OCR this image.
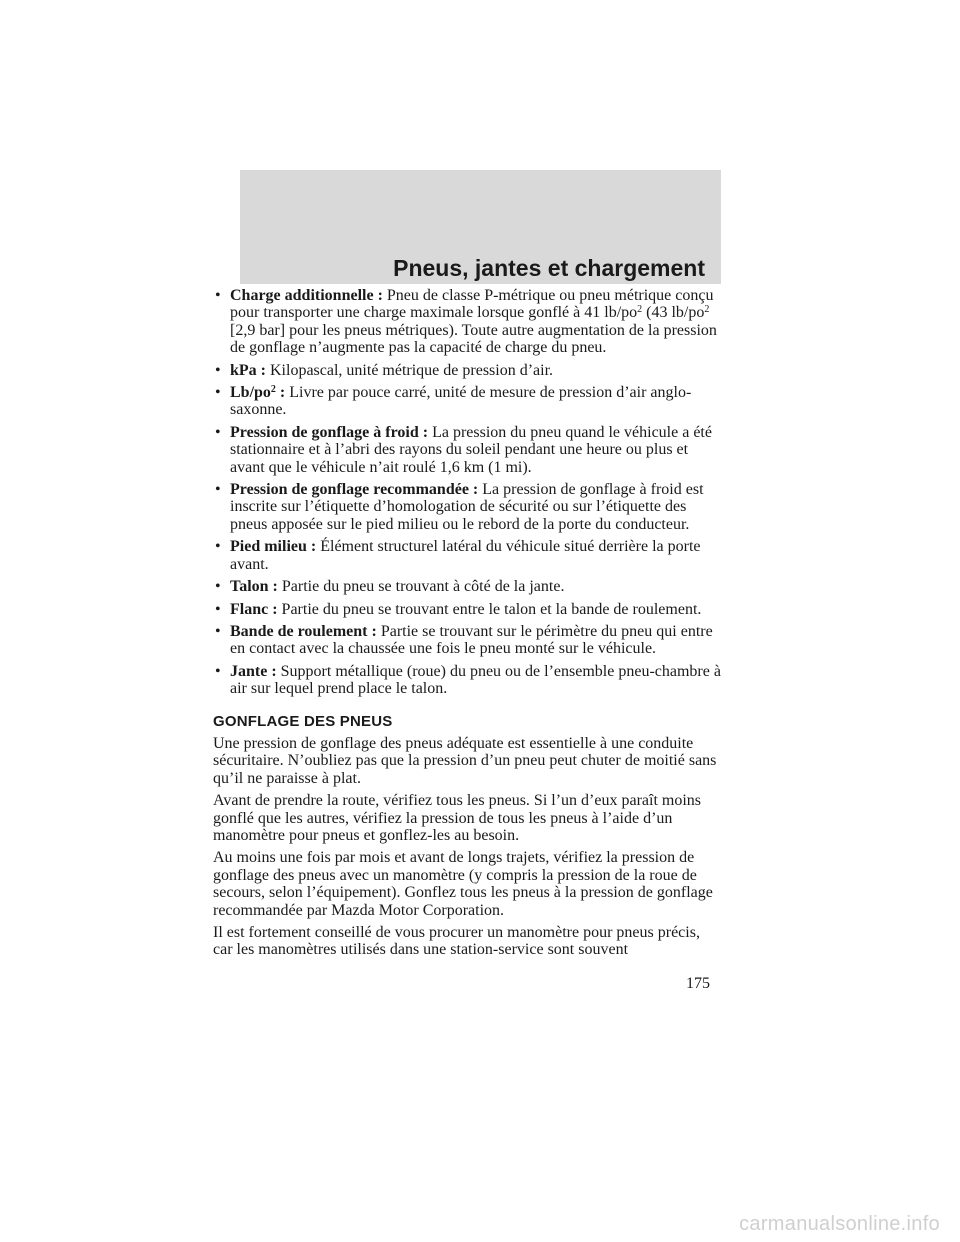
Pneus, jantes et chargement
• Charge additionnelle : Pneu de classe P-métrique ou pneu métrique conçu pour transporter une charge maximale lorsque gonflé à 41 $lb/po^2$ (43 $lb/po^2$ [2,9 bar] pour les pneus métriques). Toute autre augmentation de la pression de gonflage n’augmente pas la capacité de charge du pneu.
• kPa : Kilopascal, unité métrique de pression d’air.
• $Lb/po^2$ : Livre par pouce carré, unité de mesure de pression d’air anglo-saxonne.
• Pression de gonflage à froid : La pression du pneu quand le véhicule a été stationnaire et à l’abri des rayons du soleil pendant une heure ou plus et avant que le véhicule n’ait roulé 1,6 km (1 mi).
• Pression de gonflage recommandée : La pression de gonflage à froid est inscrite sur l’étiquette d’homologation de sécurité ou sur l’étiquette des pneus apposée sur le pied milieu ou le rebord de la porte du conducteur.
• Pied milieu : Élément structurel latéral du véhicule situé derrière la porte avant.
• Talon : Partie du pneu se trouvant à côté de la jante.
• Flanc : Partie du pneu se trouvant entre le talon et la bande de roulement.
• Bande de roulement : Partie se trouvant sur le périmètre du pneu qui entre en contact avec la chaussée une fois le pneu monté sur le véhicule.
• Jante : Support métallique (roue) du pneu ou de l’ensemble pneu-chambre à air sur lequel prend place le talon.
GONFLAGE DES PNEUS

Une pression de gonflage des pneus adéquate est essentielle à une conduite sécuritaire. N’oubliez pas que la pression d’un pneu peut chuter de moitié sans qu’il ne paraisse à plat.

Avant de prendre la route, vérifiez tous les pneus. Si l’un d’eux paraît moins gonflé que les autres, vérifiez la pression de tous les pneus à l’aide d’un manomètre pour pneus et gonflez-les au besoin.

Au moins une fois par mois et avant de longs trajets, vérifiez la pression de gonflage des pneus avec un manomètre (y compris la pression de la roue de secours, selon l’équipement). Gonflez tous les pneus à la pression de gonflage recommandée par Mazda Motor Corporation.

Il est fortement conseillé de vous procurer un manomètre pour pneus précis, car les manomètres utilisés dans une station-service sont souvent

175
carmanualsonline.info
